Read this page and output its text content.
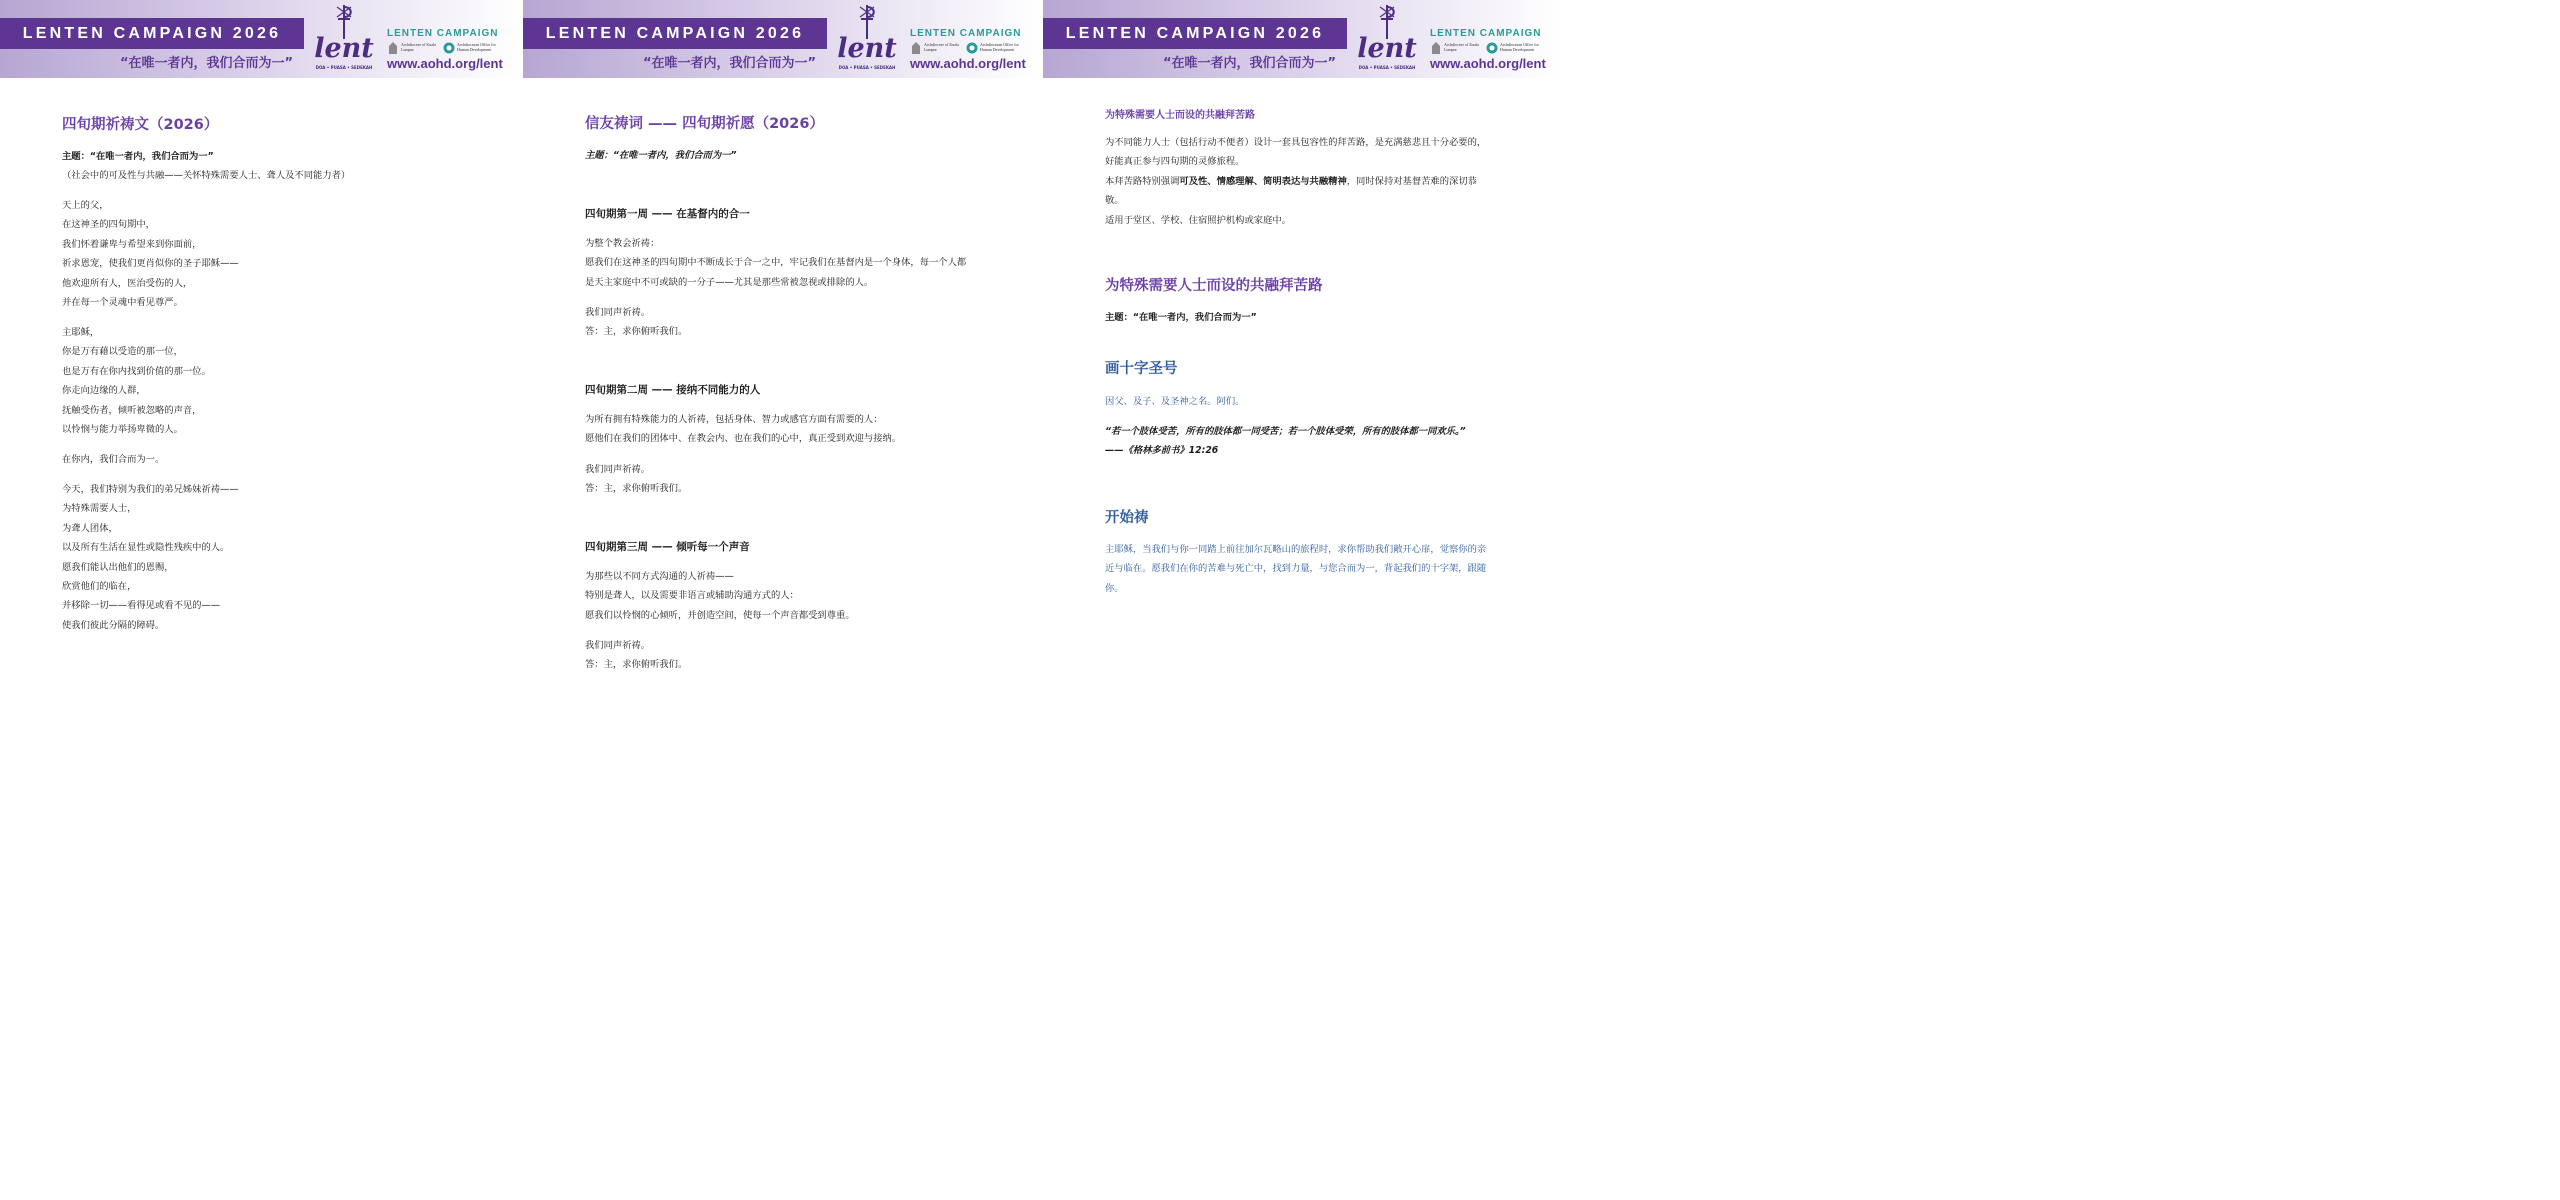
LENTEN CAMPAIGN 2026
“在唯一者内，我们合而为一” lent
DOA • PUASA • SEDEKAH
LENTEN CAMPAIGN
Archdiocese of Kuala Lumpur
Archdiocesan Office for Human Development
www.aohd.org/lent
四旬期祈祷文（2026）
主题：“在唯一者内，我们合而为一”
（社会中的可及性与共融——关怀特殊需要人士、聋人及不同能力者）
天上的父，
在这神圣的四旬期中，
我们怀着谦卑与希望来到你面前，
祈求恩宠，使我们更肖似你的圣子耶稣——
他欢迎所有人，医治受伤的人，
并在每一个灵魂中看见尊严。
主耶稣，
你是万有藉以受造的那一位，
也是万有在你内找到价值的那一位。
你走向边缘的人群，
抚触受伤者，倾听被忽略的声音，
以怜悯与能力举扬卑微的人。
在你内，我们合而为一。
今天，我们特别为我们的弟兄姊妹祈祷——
为特殊需要人士，
为聋人团体，
以及所有生活在显性或隐性残疾中的人。
愿我们能认出他们的恩赐，
欣赏他们的临在，
并移除一切——看得见或看不见的——
使我们彼此分隔的障碍。
LENTEN CAMPAIGN 2026
“在唯一者内，我们合而为一” lent
DOA • PUASA • SEDEKAH
LENTEN CAMPAIGN
Archdiocese of Kuala Lumpur
Archdiocesan Office for Human Development
www.aohd.org/lent
信友祷词 —— 四旬期祈愿（2026）
主题：“在唯一者内，我们合而为一”
四旬期第一周 —— 在基督内的合一
为整个教会祈祷：
愿我们在这神圣的四旬期中不断成长于合一之中，牢记我们在基督内是一个身体，每一个人都
是天主家庭中不可或缺的一分子——尤其是那些常被忽视或排除的人。
我们同声祈祷。
答：主，求你俯听我们。
四旬期第二周 —— 接纳不同能力的人
为所有拥有特殊能力的人祈祷，包括身体、智力或感官方面有需要的人：
愿他们在我们的团体中、在教会内、也在我们的心中，真正受到欢迎与接纳。
我们同声祈祷。
答：主，求你俯听我们。
四旬期第三周 —— 倾听每一个声音
为那些以不同方式沟通的人祈祷——
特别是聋人，以及需要非语言或辅助沟通方式的人：
愿我们以怜悯的心倾听，并创造空间，使每一个声音都受到尊重。
我们同声祈祷。
答：主，求你俯听我们。
LENTEN CAMPAIGN 2026
“在唯一者内，我们合而为一” lent
DOA • PUASA • SEDEKAH
LENTEN CAMPAIGN
Archdiocese of Kuala Lumpur
Archdiocesan Office for Human Development
www.aohd.org/lent
为特殊需要人士而设的共融拜苦路
为不同能力人士（包括行动不便者）设计一套具包容性的拜苦路，是充满慈悲且十分必要的，
好能真正参与四旬期的灵修旅程。
本拜苦路特别强调可及性、情感理解、简明表达与共融精神，同时保持对基督苦难的深切恭
敬。
适用于堂区、学校、住宿照护机构或家庭中。
为特殊需要人士而设的共融拜苦路
主题：“在唯一者内，我们合而为一”
画十字圣号
因父、及子、及圣神之名。阿们。
“若一个肢体受苦，所有的肢体都一同受苦；若一个肢体受荣，所有的肢体都一同欢乐。”
——《格林多前书》12:26
开始祷
主耶稣，当我们与你一同踏上前往加尔瓦略山的旅程时，求你帮助我们敞开心扉，觉察你的亲
近与临在。愿我们在你的苦难与死亡中，找到力量，与您合而为一，背起我们的十字架，跟随
你。
